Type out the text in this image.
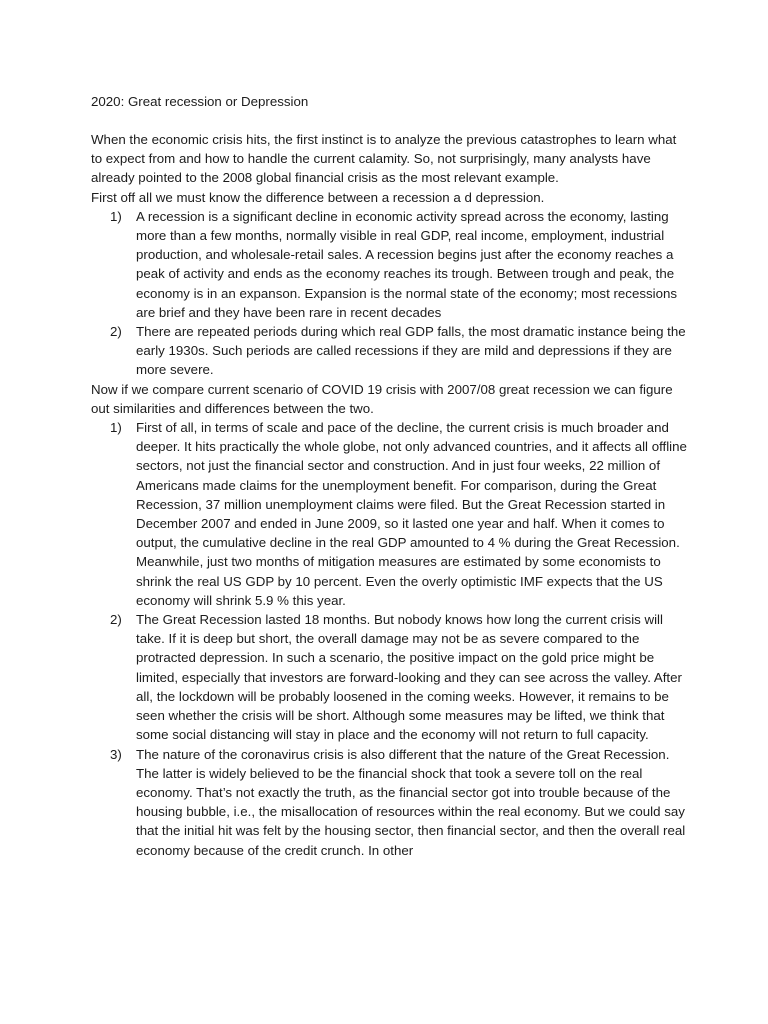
2020: Great recession or Depression

When the economic crisis hits, the first instinct is to analyze the previous catastrophes to learn what to expect from and how to handle the current calamity. So, not surprisingly, many analysts have already pointed to the 2008 global financial crisis as the most relevant example.

First off all we must know the difference between a recession a d depression.

1) A recession is a significant decline in economic activity spread across the economy, lasting more than a few months, normally visible in real GDP, real income, employment, industrial production, and wholesale-retail sales. A recession begins just after the economy reaches a peak of activity and ends as the economy reaches its trough. Between trough and peak, the economy is in an expanson. Expansion is the normal state of the economy; most recessions are brief and they have been rare in recent decades
2) There are repeated periods during which real GDP falls, the most dramatic instance being the early 1930s. Such periods are called recessions if they are mild and depressions if they are more severe.

Now if we compare current scenario of COVID 19 crisis with 2007/08 great recession we can figure out similarities and differences between the two.

1) First of all, in terms of scale and pace of the decline, the current crisis is much broader and deeper. It hits practically the whole globe, not only advanced countries, and it affects all offline sectors, not just the financial sector and construction. And in just four weeks, 22 million of Americans made claims for the unemployment benefit. For comparison, during the Great Recession, 37 million unemployment claims were filed. But the Great Recession started in December 2007 and ended in June 2009, so it lasted one year and half. When it comes to output, the cumulative decline in the real GDP amounted to 4 % during the Great Recession. Meanwhile, just two months of mitigation measures are estimated by some economists to shrink the real US GDP by 10 percent. Even the overly optimistic IMF expects that the US economy will shrink 5.9 % this year.
2) The Great Recession lasted 18 months. But nobody knows how long the current crisis will take. If it is deep but short, the overall damage may not be as severe compared to the protracted depression. In such a scenario, the positive impact on the gold price might be limited, especially that investors are forward-looking and they can see across the valley. After all, the lockdown will be probably loosened in the coming weeks. However, it remains to be seen whether the crisis will be short. Although some measures may be lifted, we think that some social distancing will stay in place and the economy will not return to full capacity.
3) The nature of the coronavirus crisis is also different that the nature of the Great Recession. The latter is widely believed to be the financial shock that took a severe toll on the real economy. That’s not exactly the truth, as the financial sector got into trouble because of the housing bubble, i.e., the misallocation of resources within the real economy. But we could say that the initial hit was felt by the housing sector, then financial sector, and then the overall real economy because of the credit crunch. In other
